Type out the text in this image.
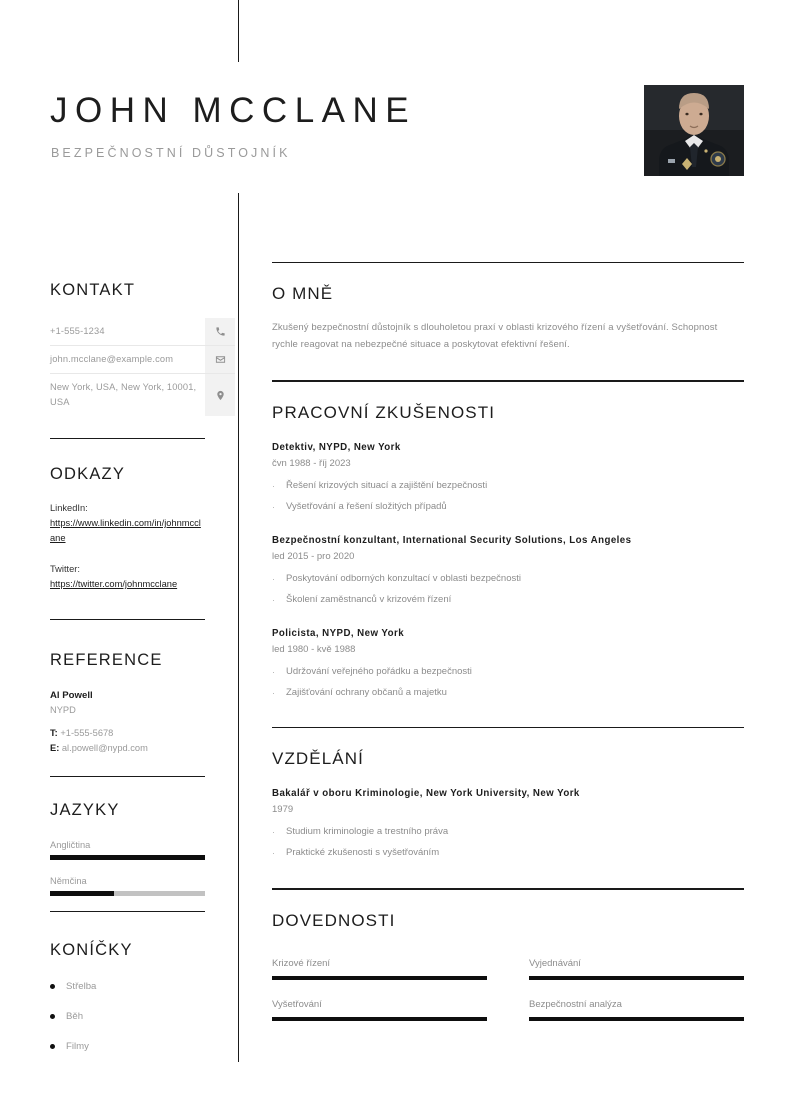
JOHN MCCLANE
BEZPEČNOSTNÍ DŮSTOJNÍK
KONTAKT
+1-555-1234
john.mcclane@example.com
New York, USA, New York, 10001, USA
ODKAZY
LinkedIn:
https://www.linkedin.com/in/johnmcclane
Twitter:
https://twitter.com/johnmcclane
REFERENCE
Al Powell
NYPD
T: +1-555-5678
E: al.powell@nypd.com
JAZYKY
Angličtina
Němčina
KONÍČKY
Střelba
Běh
Filmy
O MNĚ
Zkušený bezpečnostní důstojník s dlouholetou praxí v oblasti krizového řízení a vyšetřování. Schopnost rychle reagovat na nebezpečné situace a poskytovat efektivní řešení.
PRACOVNÍ ZKUŠENOSTI
Detektiv, NYPD, New York
čvn 1988 - říj 2023
· Řešení krizových situací a zajištění bezpečnosti
· Vyšetřování a řešení složitých případů
Bezpečnostní konzultant, International Security Solutions, Los Angeles
led 2015 - pro 2020
· Poskytování odborných konzultací v oblasti bezpečnosti
· Školení zaměstnanců v krizovém řízení
Policista, NYPD, New York
led 1980 - kvě 1988
· Udržování veřejného pořádku a bezpečnosti
· Zajišťování ochrany občanů a majetku
VZDĚLÁNÍ
Bakalář v oboru Kriminologie, New York University, New York
1979
· Studium kriminologie a trestního práva
· Praktické zkušenosti s vyšetřováním
DOVEDNOSTI
Krizové řízení	Vyjednávání
Vyšetřování	Bezpečnostní analýza
